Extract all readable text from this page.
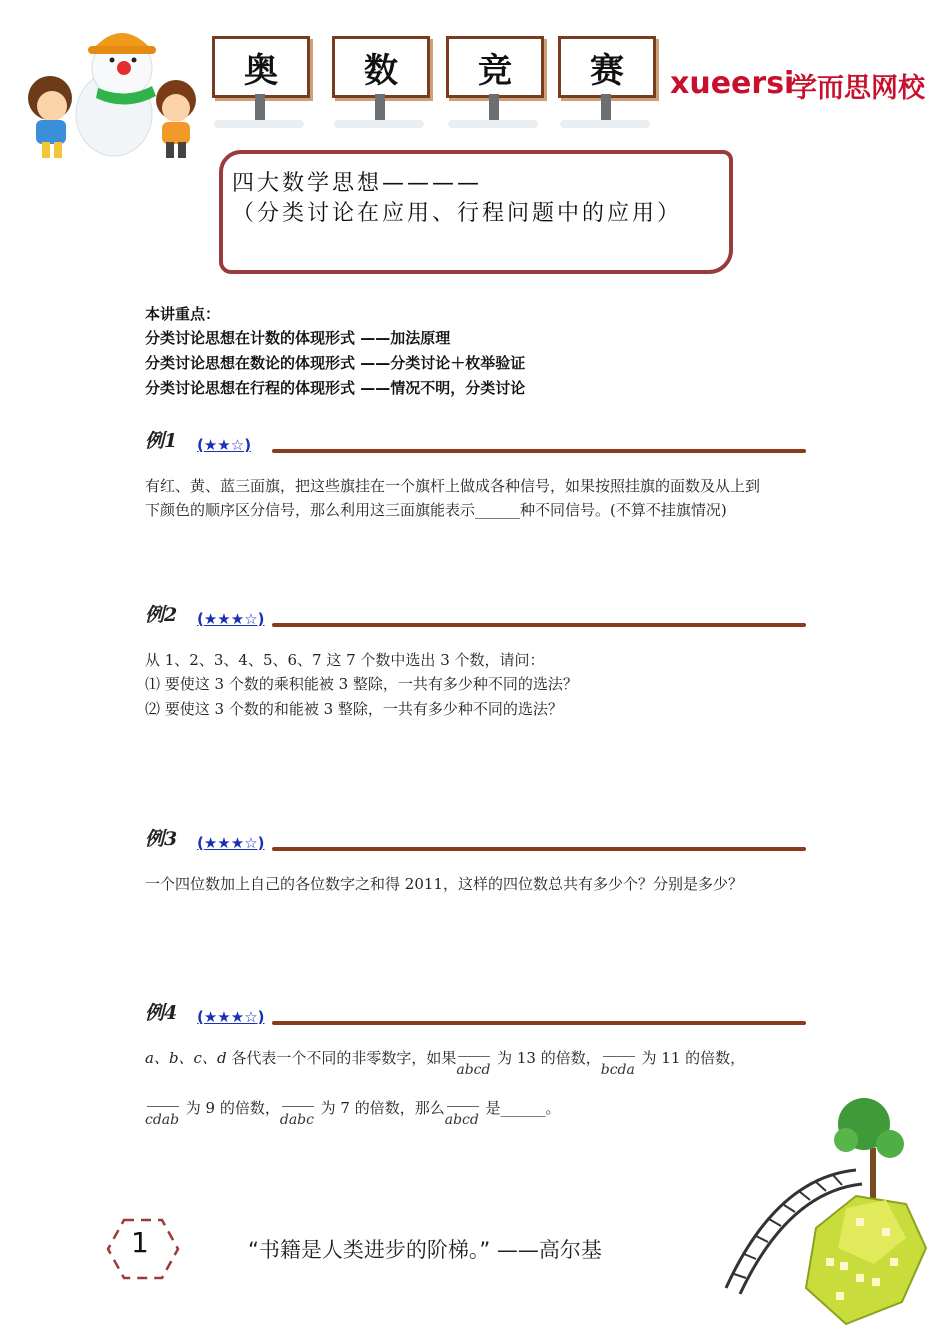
奥	数	竞	赛	xueersi
学而思网校
四大数学思想————
（分类讨论在应用、行程问题中的应用）
本讲重点：
分类讨论思想在计数的体现形式 ——加法原理
分类讨论思想在数论的体现形式 ——分类讨论＋枚举验证
分类讨论思想在行程的体现形式 ——情况不明，分类讨论
例1 (★★☆)
有红、黄、蓝三面旗，把这些旗挂在一个旗杆上做成各种信号，如果按照挂旗的面数及从上到
下颜色的顺序区分信号，那么利用这三面旗能表示______种不同信号。(不算不挂旗情况)
例2 (★★★☆)
从 1、2、3、4、5、6、7 这 7 个数中选出 3 个数，请问：
⑴ 要使这 3 个数的乘积能被 3 整除，一共有多少种不同的选法？
⑵ 要使这 3 个数的和能被 3 整除，一共有多少种不同的选法？
例3 (★★★☆)
一个四位数加上自己的各位数字之和得 2011，这样的四位数总共有多少个？分别是多少？
例4 (★★★☆)
a、b、c、d 各代表一个不同的非零数字，如果
abcd
为 13 的倍数，
bcda
为 11 的倍数，
cdab
为 9 的倍数，
dabc
为 7 的倍数，那么
abcd
是______。
1	“书籍是人类进步的阶梯。” ——高尔基
